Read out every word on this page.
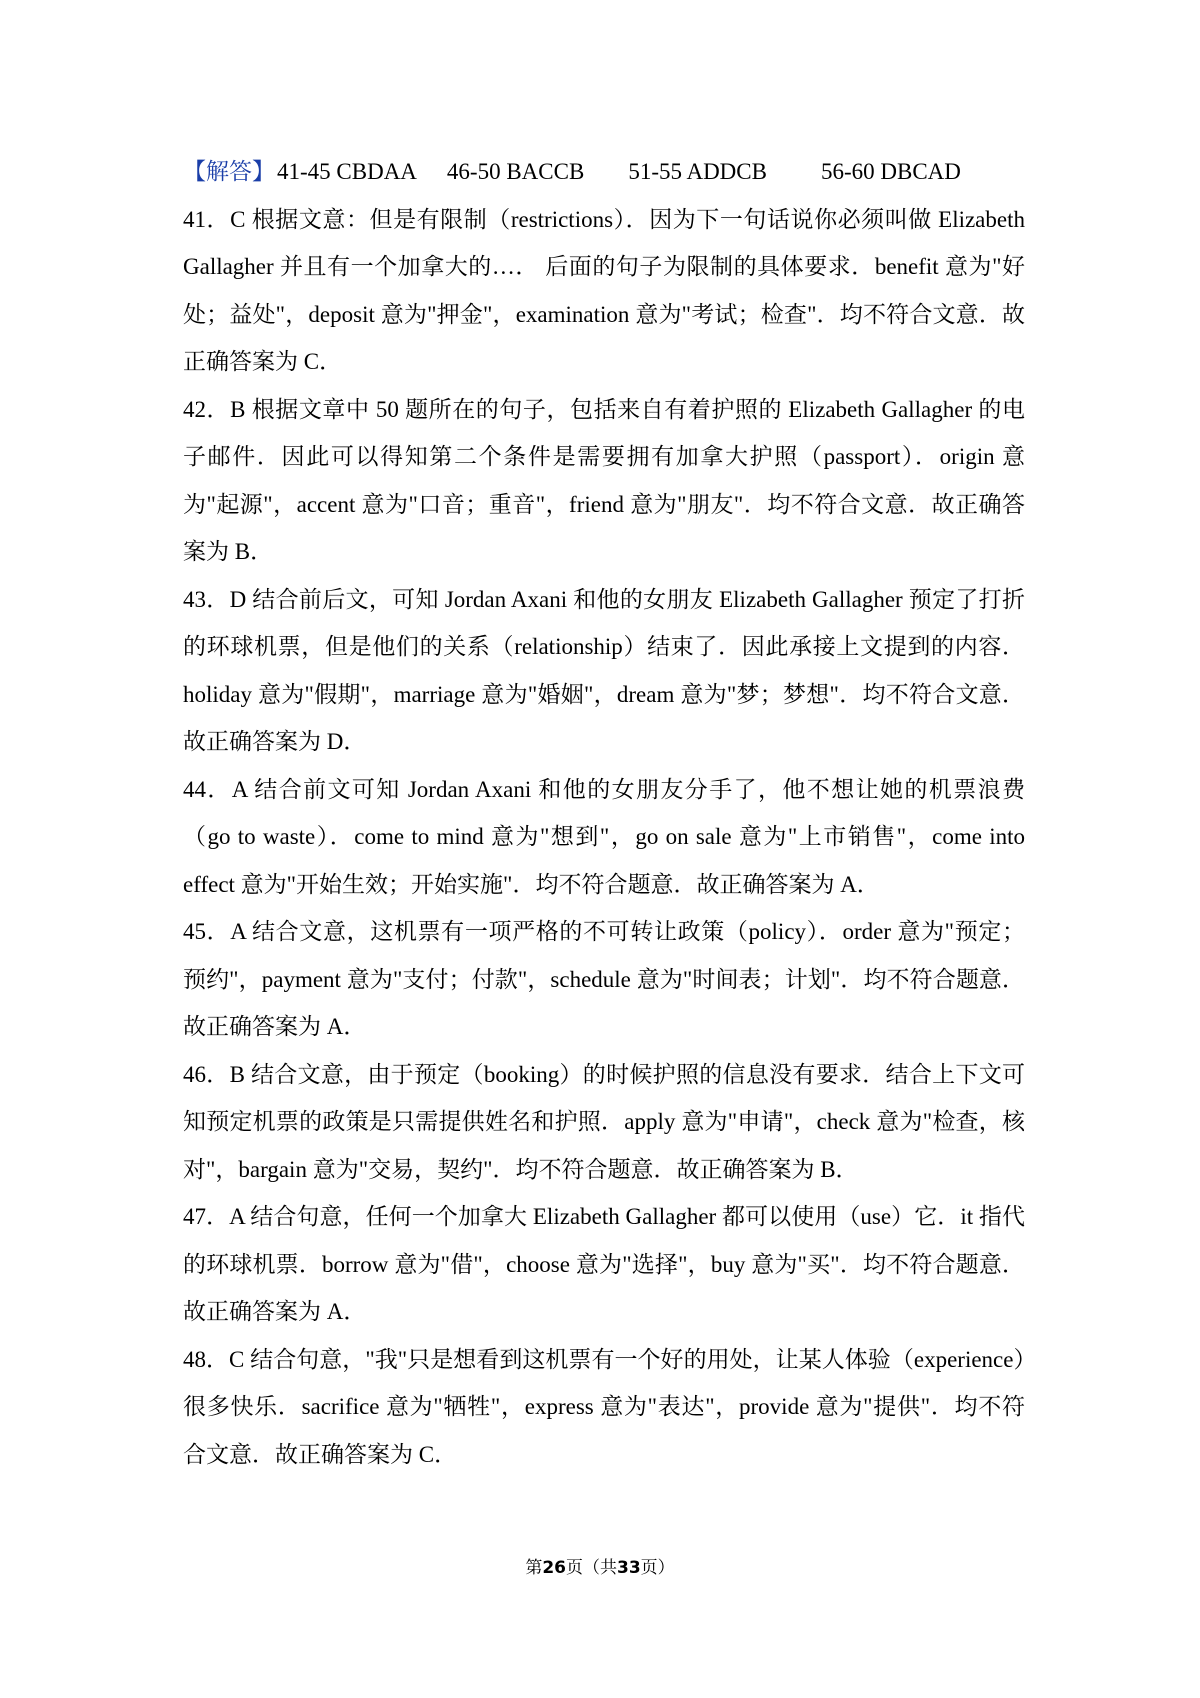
【解答】41-45 CBDAA 46-50 BACCB 51-55 ADDCB 56-60 DBCAD
41．C 根据文意：但是有限制（restrictions）．因为下一句话说你必须叫做 Elizabeth Gallagher 并且有一个加拿大的…． 后面的句子为限制的具体要求．benefit 意为"好处；益处"，deposit 意为"押金"，examination 意为"考试；检查"．均不符合文意．故正确答案为 C．
42．B 根据文章中 50 题所在的句子，包括来自有着护照的 Elizabeth Gallagher 的电子邮件．因此可以得知第二个条件是需要拥有加拿大护照（passport）．origin 意为"起源"，accent 意为"口音；重音"，friend 意为"朋友"．均不符合文意．故正确答案为 B．
43．D 结合前后文，可知 Jordan Axani 和他的女朋友 Elizabeth Gallagher 预定了打折的环球机票，但是他们的关系（relationship）结束了．因此承接上文提到的内容．holiday 意为"假期"，marriage 意为"婚姻"，dream 意为"梦；梦想"．均不符合文意．故正确答案为 D．
44．A 结合前文可知 Jordan Axani 和他的女朋友分手了，他不想让她的机票浪费（go to waste）．come to mind 意为"想到"，go on sale 意为"上市销售"，come into effect 意为"开始生效；开始实施"．均不符合题意．故正确答案为 A．
45．A 结合文意，这机票有一项严格的不可转让政策（policy）．order 意为"预定；预约"，payment 意为"支付；付款"，schedule 意为"时间表；计划"．均不符合题意．故正确答案为 A．
46．B 结合文意，由于预定（booking）的时候护照的信息没有要求．结合上下文可知预定机票的政策是只需提供姓名和护照．apply 意为"申请"，check 意为"检查，核对"，bargain 意为"交易，契约"．均不符合题意．故正确答案为 B．
47．A 结合句意，任何一个加拿大 Elizabeth Gallagher 都可以使用（use）它．it 指代的环球机票．borrow 意为"借"，choose 意为"选择"，buy 意为"买"．均不符合题意．故正确答案为 A．
48．C 结合句意，"我"只是想看到这机票有一个好的用处，让某人体验（experience）很多快乐．sacrifice 意为"牺牲"，express 意为"表达"，provide 意为"提供"．均不符合文意．故正确答案为 C．
第26页（共33页）
